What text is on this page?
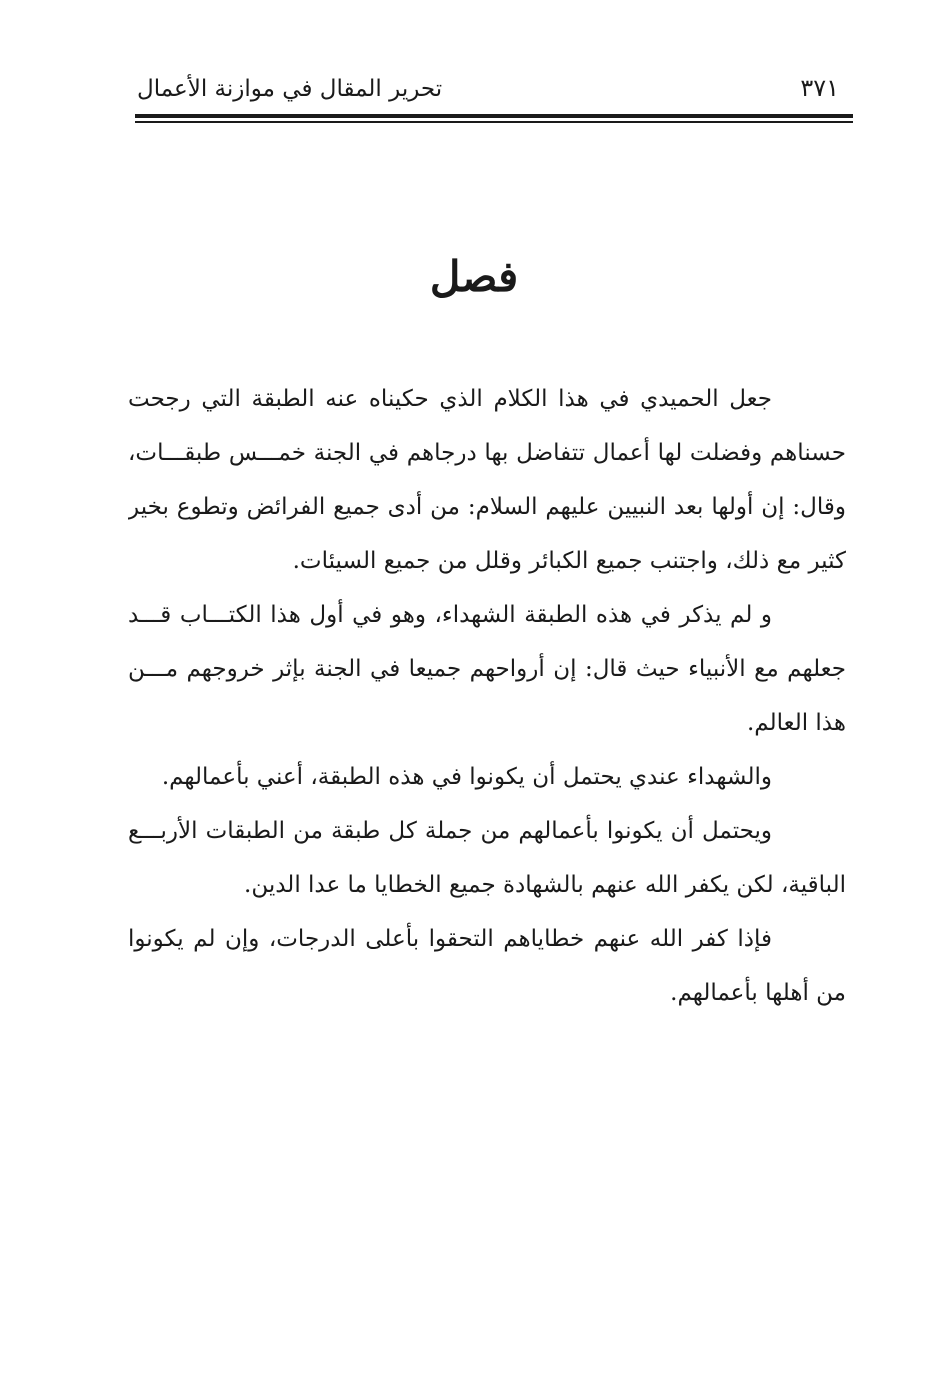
تحرير المقال في موازنة الأعمال	٣٧١
فصل
جعل الحميدي في هذا الكلام الذي حكيناه عنه الطبقة التي رجحت
حسناهم وفضلت لها أعمال تتفاضل بها درجاهم في الجنة خمـــس طبقـــات،
وقال: إن أولها بعد النبيين عليهم السلام: من أدى جميع الفرائض وتطوع بخير
كثير مع ذلك، واجتنب جميع الكبائر وقلل من جميع السيئات.
و لم يذكر في هذه الطبقة الشهداء، وهو في أول هذا الكتـــاب قـــد
جعلهم مع الأنبياء حيث قال: إن أرواحهم جميعا في الجنة بإثر خروجهم مـــن
هذا العالم.
والشهداء عندي يحتمل أن يكونوا في هذه الطبقة، أعني بأعمالهم.
ويحتمل أن يكونوا بأعمالهم من جملة كل طبقة من الطبقات الأربـــع
الباقية، لكن يكفر الله عنهم بالشهادة جميع الخطايا ما عدا الدين.
فإذا كفر الله عنهم خطاياهم التحقوا بأعلى الدرجات، وإن لم يكونوا
من أهلها بأعمالهم.
